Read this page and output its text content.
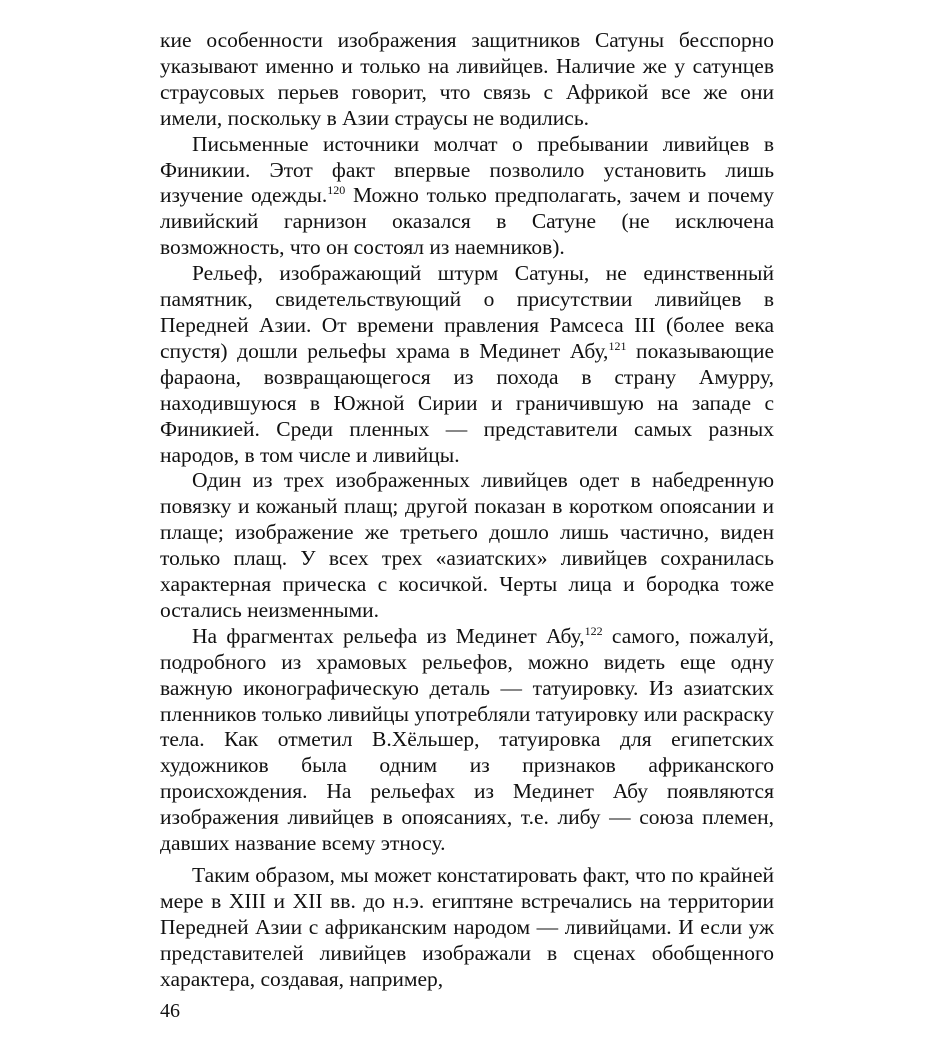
кие особенности изображения защитников Сатуны бесспорно указывают именно и только на ливийцев. Наличие же у сатунцев страусовых перьев говорит, что связь с Африкой все же они имели, поскольку в Азии страусы не водились.

Письменные источники молчат о пребывании ливийцев в Финикии. Этот факт впервые позволило установить лишь изучение одежды.$^{120}$ Можно только предполагать, зачем и почему ливийский гарнизон оказался в Сатуне (не исключена возможность, что он состоял из наемников).

Рельеф, изображающий штурм Сатуны, не единственный памятник, свидетельствующий о присутствии ливийцев в Передней Азии. От времени правления Рамсеса III (более века спустя) дошли рельефы храма в Мединет Абу,$^{121}$ показывающие фараона, возвращающегося из похода в страну Амурру, находившуюся в Южной Сирии и граничившую на западе с Финикией. Среди пленных — представители самых разных народов, в том числе и ливийцы.

Один из трех изображенных ливийцев одет в набедренную повязку и кожаный плащ; другой показан в коротком опоясании и плаще; изображение же третьего дошло лишь частично, виден только плащ. У всех трех «азиатских» ливийцев сохранилась характерная прическа с косичкой. Черты лица и бородка тоже остались неизменными.

На фрагментах рельефа из Мединет Абу,$^{122}$ самого, пожалуй, подробного из храмовых рельефов, можно видеть еще одну важную иконографическую деталь — татуировку. Из азиатских пленников только ливийцы употребляли татуировку или раскраску тела. Как отметил В.Хёльшер, татуировка для египетских художников была одним из признаков африканского происхождения. На рельефах из Мединет Абу появляются изображения ливийцев в опоясаниях, т.е. либу — союза племен, давших название всему этносу.

Таким образом, мы может констатировать факт, что по крайней мере в XIII и XII вв. до н.э. египтяне встречались на территории Передней Азии с африканским народом — ливийцами. И если уж представителей ливийцев изображали в сценах обобщенного характера, создавая, например,

46
